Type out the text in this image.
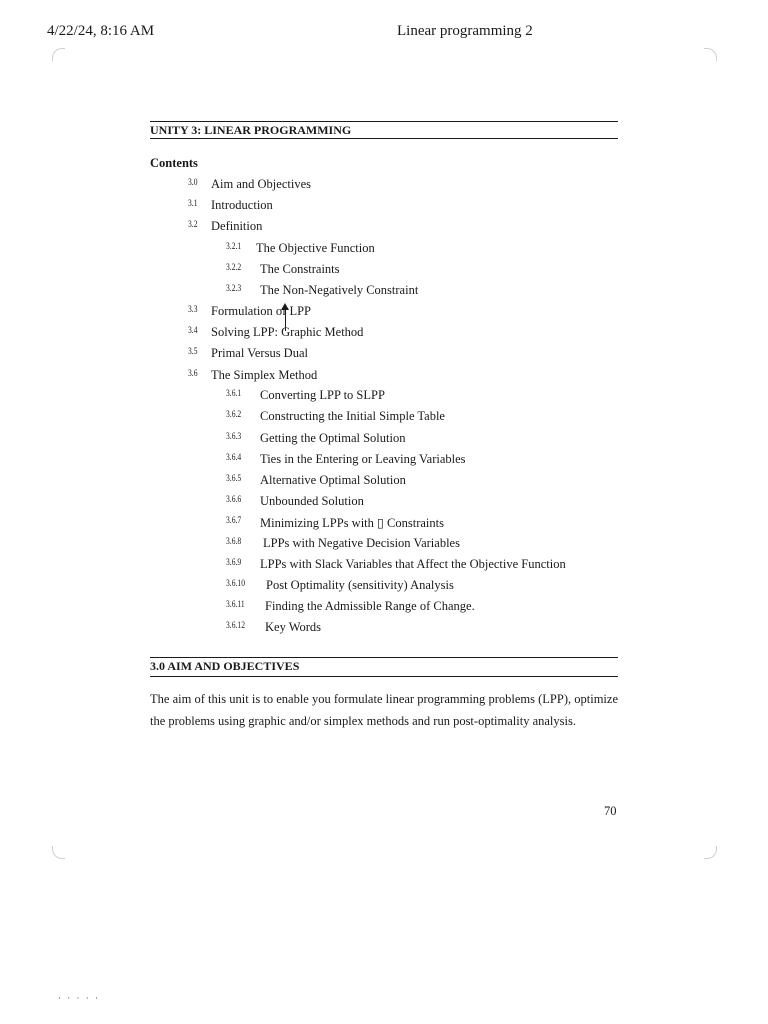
4/22/24, 8:16 AM	Linear programming 2
UNITY 3: LINEAR PROGRAMMING
Contents
3.0 Aim and Objectives
3.1 Introduction
3.2 Definition
3.2.1 The Objective Function
3.2.2 The Constraints
3.2.3 The Non-Negatively Constraint
3.3 Formulation of LPP
3.4 Solving LPP: Graphic Method
3.5 Primal Versus Dual
3.6 The Simplex Method
3.6.1 Converting LPP to SLPP
3.6.2 Constructing the Initial Simple Table
3.6.3 Getting the Optimal Solution
3.6.4 Ties in the Entering or Leaving Variables
3.6.5 Alternative Optimal Solution
3.6.6 Unbounded Solution
3.6.7 Minimizing LPPs with ▯ Constraints
3.6.8 LPPs with Negative Decision Variables
3.6.9 LPPs with Slack Variables that Affect the Objective Function
3.6.10 Post Optimality (sensitivity) Analysis
3.6.11 Finding the Admissible Range of Change.
3.6.12 Key Words
3.0 AIM AND OBJECTIVES
The aim of this unit is to enable you formulate linear programming problems (LPP), optimize the problems using graphic and/or simplex methods and run post-optimality analysis.
70
· · · · ·
